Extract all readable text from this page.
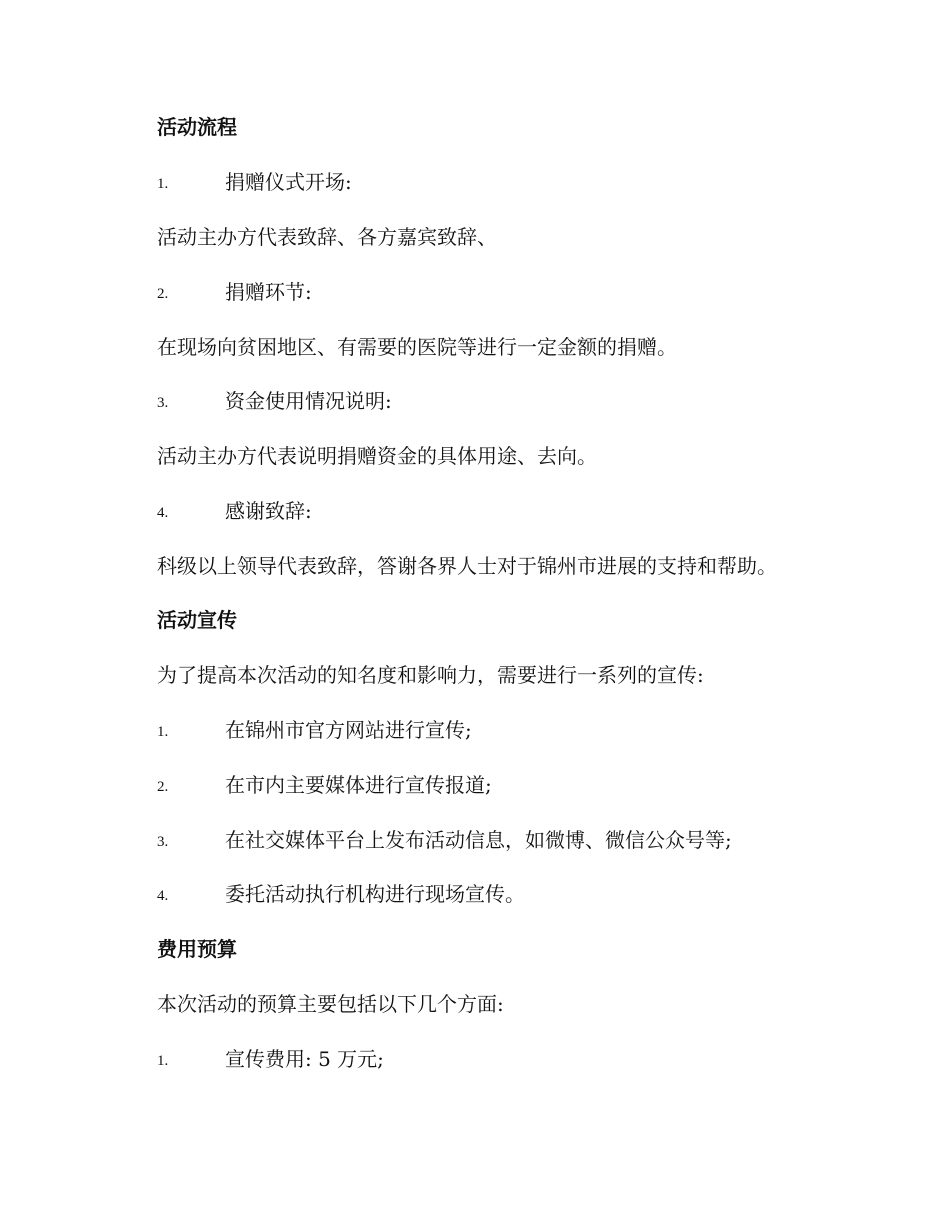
活动流程
1.	捐赠仪式开场:
活动主办方代表致辞、各方嘉宾致辞、
2.	捐赠环节:
在现场向贫困地区、有需要的医院等进行一定金额的捐赠。
3.	资金使用情况说明:
活动主办方代表说明捐赠资金的具体用途、去向。
4.	感谢致辞:
科级以上领导代表致辞，答谢各界人士对于锦州市进展的支持和帮助。
活动宣传
为了提高本次活动的知名度和影响力，需要进行一系列的宣传:
1.	在锦州市官方网站进行宣传;
2.	在市内主要媒体进行宣传报道;
3.	在社交媒体平台上发布活动信息，如微博、微信公众号等;
4.	委托活动执行机构进行现场宣传。
费用预算
本次活动的预算主要包括以下几个方面:
1.	宣传费用: 5 万元;
